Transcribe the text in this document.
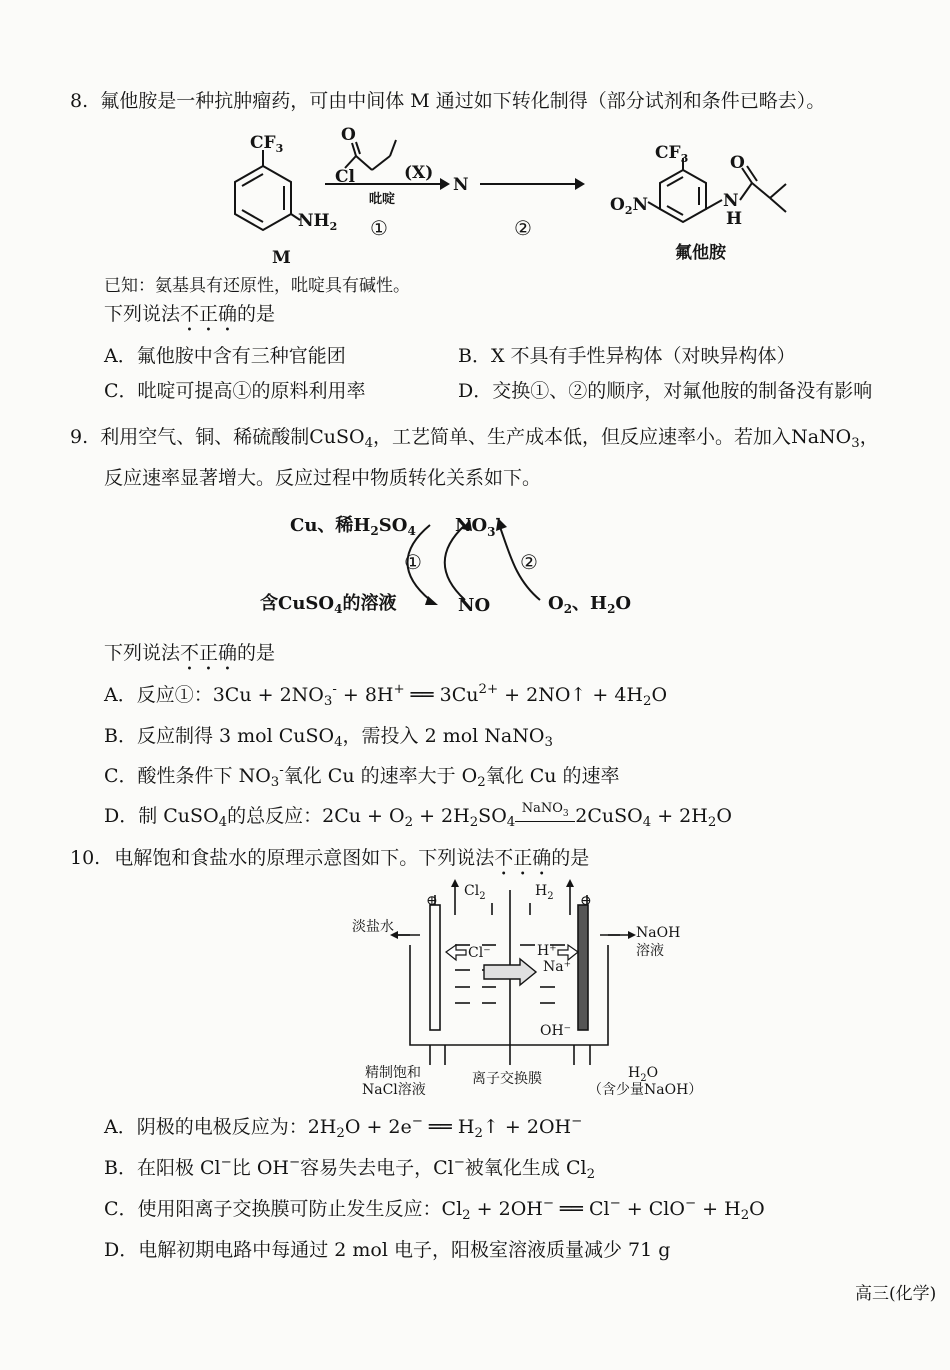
8. 氟他胺是一种抗肿瘤药，可由中间体 M 通过如下转化制得（部分试剂和条件已略去）。
$CF_3$
$NH_2$
M
O
Cl	(X)
N
$CF_3$
$O_2N$	N
H
O
氟他胺
吡啶
①	②
已知：氨基具有还原性，吡啶具有碱性。
下列说法不正确的是
A．氟他胺中含有三种官能团	B．X 不具有手性异构体（对映异构体）
C．吡啶可提高①的原料利用率	D．交换①、②的顺序，对氟他胺的制备没有影响
9. 利用空气、铜、稀硫酸制CuSO$_4$，工艺简单、生产成本低，但反应速率小。若加入NaNO$_3$，
反应速率显著增大。反应过程中物质转化关系如下。
Cu、稀$H_2SO_4$ $NO_3^-$
含CuSO$_4$的溶液	NO	$O_2$、$H_2O$
①	②
下列说法不正确的是
A．反应①：$3Cu + 2NO_3^- + 8H^+$ ══ $3Cu^{2+}$ + 2NO↑ + $4H_2O$
B．反应制得 3 mol CuSO$_4$，需投入 2 mol NaNO$_3$
C．酸性条件下 $NO_3^-$氧化 Cu 的速率大于 $O_2$氧化 Cu 的速率
D．制 CuSO$_4$的总反应：$2Cu + O_2 + 2H_2SO_4$
NaNO$_3$ 2CuSO$_4$ + $2H_2O$
10. 电解饱和食盐水的原理示意图如下。下列说法不正确的是
⊕	⊖
$Cl_2$	$H_2$
淡盐水	NaOH
溶液
Cl⁻	H⁺
Na⁺
OH⁻
精制饱和
NaCl溶液
离子交换膜	$H_2O$
（含少量NaOH）
A．阴极的电极反应为：$2H_2O + 2e^-$ ══ $H_2↑ + 2OH^-$
B．在阳极 Cl−比 OH−容易失去电子，Cl−被氧化生成 $Cl_2$
C．使用阳离子交换膜可防止发生反应：$Cl_2 + 2OH^-$ ══ $Cl^- + ClO^- + H_2O$
D．电解初期电路中每通过 2 mol 电子，阳极室溶液质量减少 71 g
高三(化学)
